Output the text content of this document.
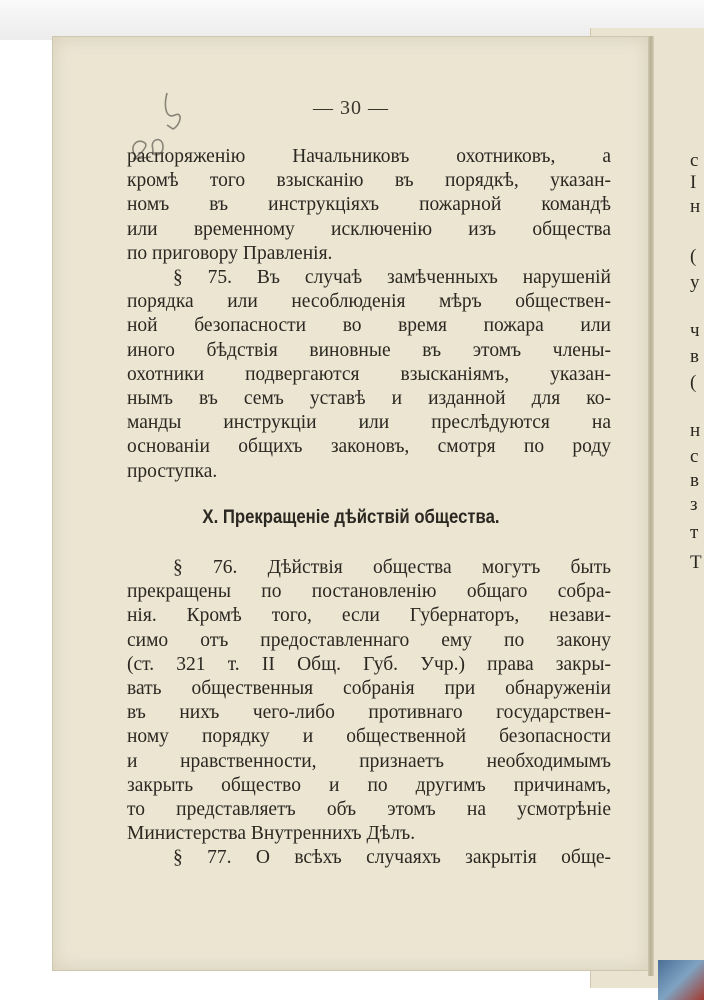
— 30 —
распоряженію Начальниковъ охотниковъ, а
кромѣ того взысканію въ порядкѣ, указан-
номъ въ инструкціяхъ пожарной командѣ
или временному исключенію изъ общества
по приговору Правленія.
§ 75. Въ случаѣ замѣченныхъ нарушеній
порядка или несоблюденія мѣръ обществен-
ной безопасности во время пожара или
иного бѣдствія виновные въ этомъ члены-
охотники подвергаются взысканіямъ, указан-
нымъ въ семъ уставѣ и изданной для ко-
манды инструкціи или преслѣдуются на
основаніи общихъ законовъ, смотря по роду
проступка.
X. Прекращеніе дѣйствій общества.
§ 76. Дѣйствія общества могутъ быть
прекращены по постановленію общаго собра-
нія. Кромѣ того, если Губернаторъ, незави-
симо отъ предоставленнаго ему по закону
(ст. 321 т. II Общ. Губ. Учр.) права закры-
вать общественныя собранія при обнаруженіи
въ нихъ чего-либо противнаго государствен-
ному порядку и общественной безопасности
и нравственности, признаетъ необходимымъ
закрыть общество и по другимъ причинамъ,
то представляетъ объ этомъ на усмотрѣніе
Министерства Внутреннихъ Дѣлъ.
§ 77. О всѣхъ случаяхъ закрытія обще-
с
I
н
(
у
ч
в
(
н
с
в
з
т
Т
